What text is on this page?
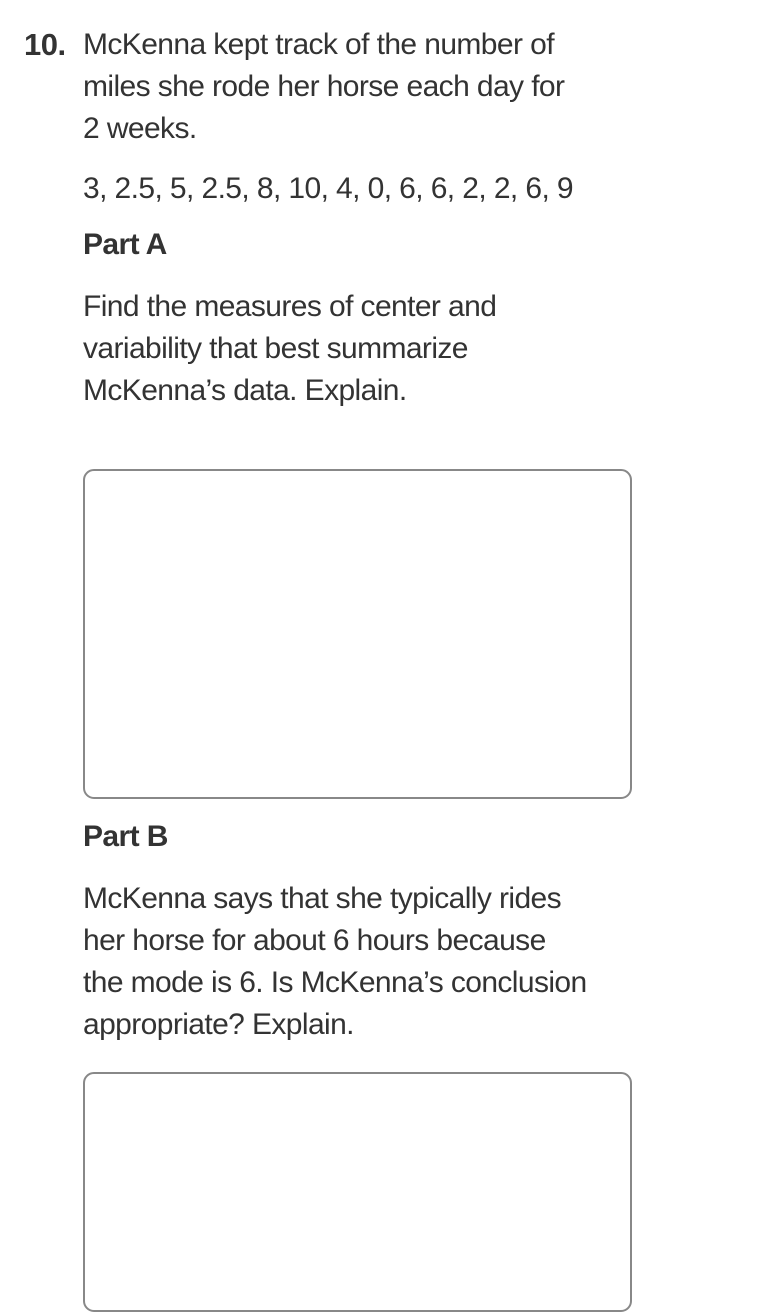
10. McKenna kept track of the number of
miles she rode her horse each day for
2 weeks.

3, 2.5, 5, 2.5, 8, 10, 4, 0, 6, 6, 2, 2, 6, 9

Part A

Find the measures of center and
variability that best summarize
McKenna’s data. Explain.

Part B

McKenna says that she typically rides
her horse for about 6 hours because
the mode is 6. Is McKenna’s conclusion
appropriate? Explain.
